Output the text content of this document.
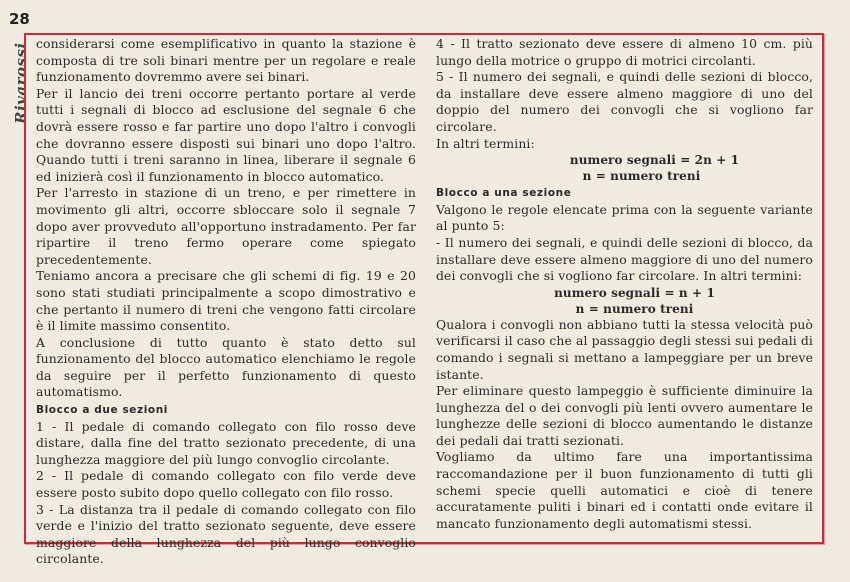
28
Rivarossi considerarsi come esemplificativo in quanto la stazione è composta di tre soli binari mentre per un regolare e reale funzionamento dovremmo avere sei binari.

Per il lancio dei treni occorre pertanto portare al verde tutti i segnali di blocco ad esclusione del segnale 6 che dovrà essere rosso e far partire uno dopo l'altro i convogli che dovranno essere disposti sui binari uno dopo l'altro. Quando tutti i treni saranno in linea, liberare il segnale 6 ed inizierà così il funzionamento in blocco automatico.

Per l'arresto in stazione di un treno, e per rimettere in movimento gli altri, occorre sbloccare solo il segnale 7 dopo aver provveduto all'opportuno instradamento. Per far ripartire il treno fermo operare come spiegato precedentemente.

Teniamo ancora a precisare che gli schemi di fig. 19 e 20 sono stati studiati principalmente a scopo dimostrativo e che pertanto il numero di treni che vengono fatti circolare è il limite massimo consentito.

A conclusione di tutto quanto è stato detto sul funzionamento del blocco automatico elenchiamo le regole da seguire per il perfetto funzionamento di questo automatismo.

Blocco a due sezioni

1 - Il pedale di comando collegato con filo rosso deve distare, dalla fine del tratto sezionato precedente, di una lunghezza maggiore del più lungo convoglio circolante.

2 - Il pedale di comando collegato con filo verde deve essere posto subito dopo quello collegato con filo rosso.

3 - La distanza tra il pedale di comando collegato con filo verde e l'inizio del tratto sezionato seguente, deve essere maggiore della lunghezza del più lungo convoglio circolante.

4 - Il tratto sezionato deve essere di almeno 10 cm. più lungo della motrice o gruppo di motrici circolanti.

5 - Il numero dei segnali, e quindi delle sezioni di blocco, da installare deve essere almeno maggiore di uno del doppio del numero dei convogli che si vogliono far circolare.

In altri termini:

numero segnali = 2n + 1
n = numero treni

Blocco a una sezione

Valgono le regole elencate prima con la seguente variante al punto 5:

- Il numero dei segnali, e quindi delle sezioni di blocco, da installare deve essere almeno maggiore di uno del numero dei convogli che si vogliono far circolare. In altri termini:

numero segnali = n + 1
n = numero treni

Qualora i convogli non abbiano tutti la stessa velocità può verificarsi il caso che al passaggio degli stessi sui pedali di comando i segnali si mettano a lampeggiare per un breve istante.

Per eliminare questo lampeggio è sufficiente diminuire la lunghezza del o dei convogli più lenti ovvero aumentare le lunghezze delle sezioni di blocco aumentando le distanze dei pedali dai tratti sezionati.

Vogliamo da ultimo fare una importantissima raccomandazione per il buon funzionamento di tutti gli schemi specie quelli automatici e cioè di tenere accuratamente puliti i binari ed i contatti onde evitare il mancato funzionamento degli automatismi stessi.
